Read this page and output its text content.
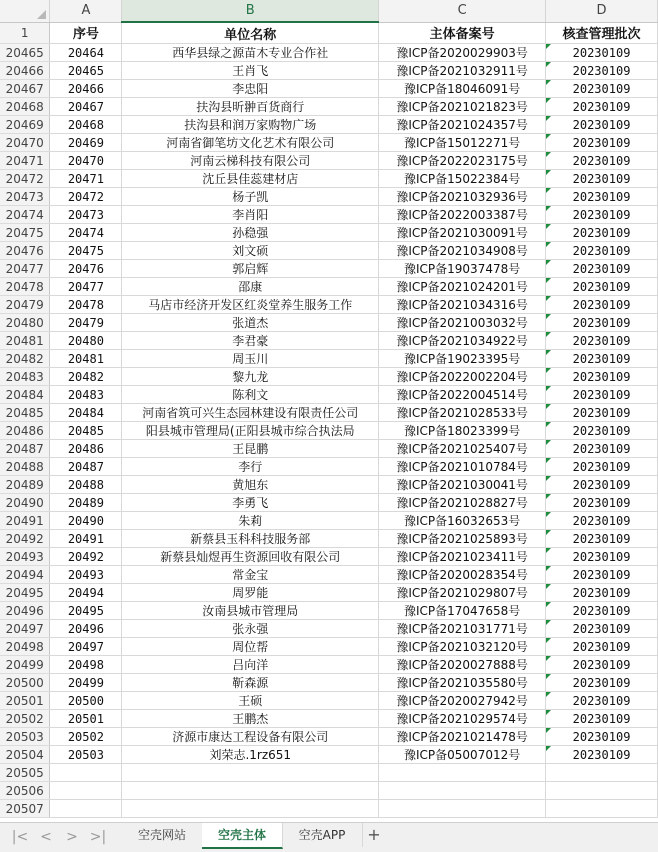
	A	B	C	D
1	序号	单位名称	主体备案号	核查管理批次
20465	20464	西华县绿之源苗木专业合作社	豫ICP备2020029903号	20230109

20466	20465	王肖飞	豫ICP备2021032911号	20230109

20467	20466	李忠阳	豫ICP备18046091号	20230109

20468	20467	扶沟县昕翀百货商行	豫ICP备2021021823号	20230109

20469	20468	扶沟县和润万家购物广场	豫ICP备2021024357号	20230109

20470	20469	河南省御笔坊文化艺术有限公司	豫ICP备15012271号	20230109

20471	20470	河南云梯科技有限公司	豫ICP备2022023175号	20230109

20472	20471	沈丘县佳蕊建材店	豫ICP备15022384号	20230109

20473	20472	杨子凯	豫ICP备2021032936号	20230109

20474	20473	李肖阳	豫ICP备2022003387号	20230109

20475	20474	孙稳强	豫ICP备2021030091号	20230109

20476	20475	刘文硕	豫ICP备2021034908号	20230109

20477	20476	郭启辉	豫ICP备19037478号	20230109

20478	20477	邵康	豫ICP备2021024201号	20230109

20479	20478	马店市经济开发区红炎堂养生服务工作	豫ICP备2021034316号	20230109

20480	20479	张道杰	豫ICP备2021003032号	20230109

20481	20480	李君豪	豫ICP备2021034922号	20230109

20482	20481	周玉川	豫ICP备19023395号	20230109

20483	20482	黎九龙	豫ICP备2022002204号	20230109

20484	20483	陈利文	豫ICP备2022004514号	20230109

20485	20484	河南省筑可兴生态园林建设有限责任公司	豫ICP备2021028533号	20230109

20486	20485	阳县城市管理局(正阳县城市综合执法局	豫ICP备18023399号	20230109

20487	20486	王昆鹏	豫ICP备2021025407号	20230109

20488	20487	李行	豫ICP备2021010784号	20230109

20489	20488	黄旭东	豫ICP备2021030041号	20230109

20490	20489	李勇飞	豫ICP备2021028827号	20230109

20491	20490	朱莉	豫ICP备16032653号	20230109

20492	20491	新蔡县玉科科技服务部	豫ICP备2021025893号	20230109

20493	20492	新蔡县灿煜再生资源回收有限公司	豫ICP备2021023411号	20230109

20494	20493	常金宝	豫ICP备2020028354号	20230109

20495	20494	周罗能	豫ICP备2021029807号	20230109

20496	20495	汝南县城市管理局	豫ICP备17047658号	20230109

20497	20496	张永强	豫ICP备2021031771号	20230109

20498	20497	周位帮	豫ICP备2021032120号	20230109

20499	20498	吕向洋	豫ICP备2020027888号	20230109

20500	20499	靳森源	豫ICP备2021035580号	20230109

20501	20500	王硕	豫ICP备2020027942号	20230109

20502	20501	王鹏杰	豫ICP备2021029574号	20230109

20503	20502	济源市康达工程设备有限公司	豫ICP备2021021478号	20230109

20504	20503	刘荣志.1rz651	豫ICP备05007012号	20230109

20505				
20506				
20507				
|< < > >|	空壳网站	空壳主体	空壳APP	+
